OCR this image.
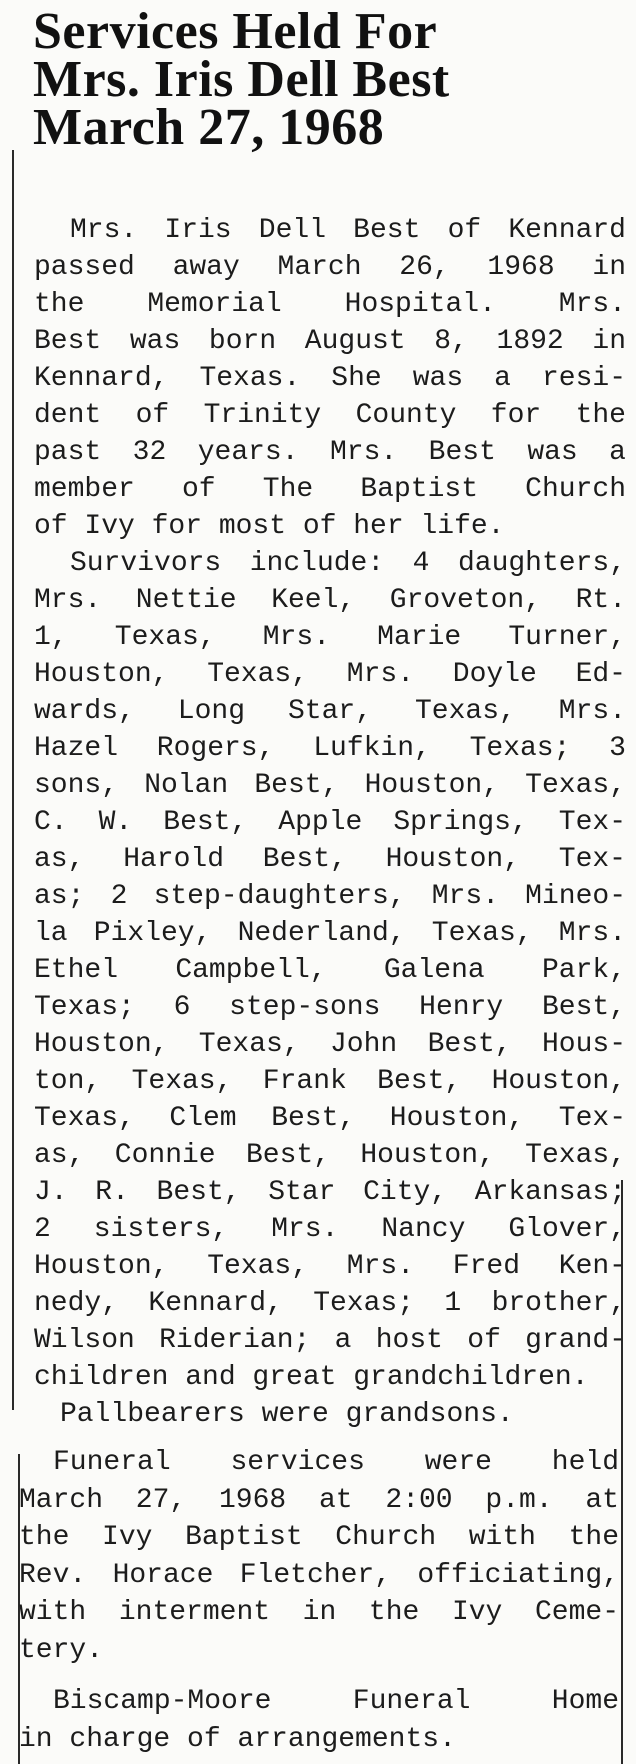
Services Held For
Mrs. Iris Dell Best
March 27, 1968
Mrs. Iris Dell Best of Kennard
passed away March 26, 1968 in
the Memorial Hospital. Mrs.
Best was born August 8, 1892 in
Kennard, Texas. She was a resi-
dent of Trinity County for the
past 32 years. Mrs. Best was a
member of The Baptist Church
of Ivy for most of her life.
Survivors include: 4 daughters,
Mrs. Nettie Keel, Groveton, Rt.
1, Texas, Mrs. Marie Turner,
Houston, Texas, Mrs. Doyle Ed-
wards, Long Star, Texas, Mrs.
Hazel Rogers, Lufkin, Texas; 3
sons, Nolan Best, Houston, Texas,
C. W. Best, Apple Springs, Tex-
as, Harold Best, Houston, Tex-
as; 2 step-daughters, Mrs. Mineo-
la Pixley, Nederland, Texas, Mrs.
Ethel Campbell, Galena Park,
Texas; 6 step-sons Henry Best,
Houston, Texas, John Best, Hous-
ton, Texas, Frank Best, Houston,
Texas, Clem Best, Houston, Tex-
as, Connie Best, Houston, Texas,
J. R. Best, Star City, Arkansas;
2 sisters, Mrs. Nancy Glover,
Houston, Texas, Mrs. Fred Ken-
nedy, Kennard, Texas; 1 brother,
Wilson Riderian; a host of grand-
children and great grandchildren.
Pallbearers were grandsons.
Funeral services were held
March 27, 1968 at 2:00 p.m. at
the Ivy Baptist Church with the
Rev. Horace Fletcher, officiating,
with interment in the Ivy Ceme-
tery.
Biscamp-Moore Funeral Home
in charge of arrangements.
